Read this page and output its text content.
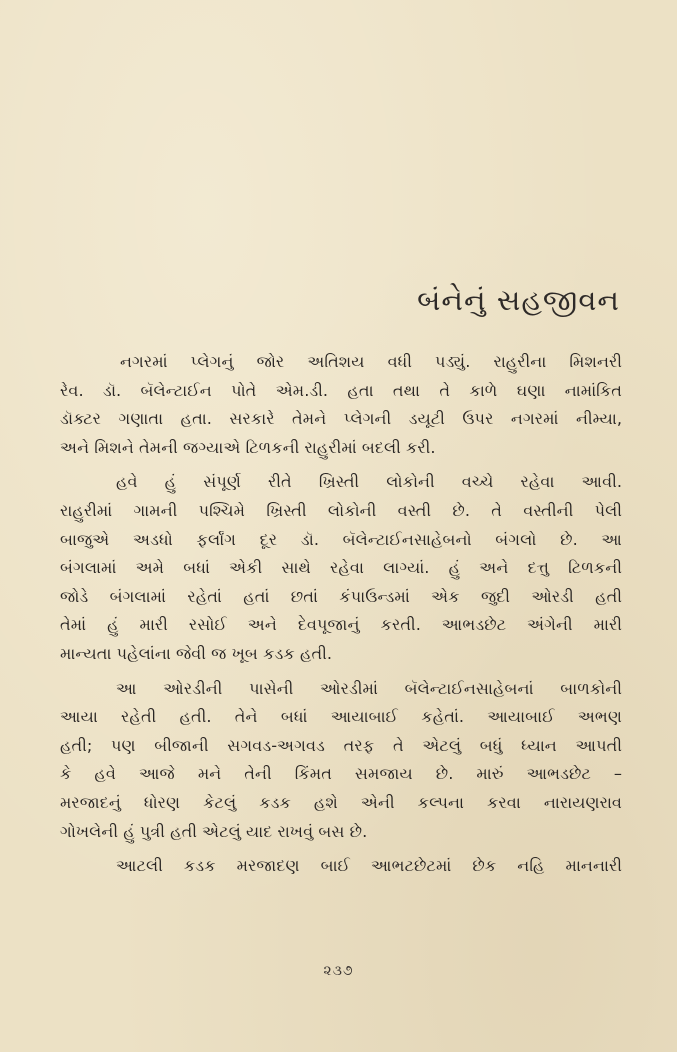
બંનેનું સહજીવન
નગરમાં પ્લેગનું જોર અતિશય વધી પડ્યું. રાહુરીના મિશનરી
રેવ. ડૉ. બૅલેન્ટાઈન પોતે એમ.ડી. હતા તથા તે કાળે ઘણા નામાંકિત
ડૉક્ટર ગણાતા હતા. સરકારે તેમને પ્લેગની ડયૂટી ઉપર નગરમાં નીમ્યા,
અને મિશને તેમની જગ્યાએ ટિળકની રાહુરીમાં બદલી કરી.
હવે હું સંપૂર્ણ રીતે ખ્રિસ્તી લોકોની વચ્ચે રહેવા આવી.
રાહુરીમાં ગામની પશ્ચિમે ખ્રિસ્તી લોકોની વસ્તી છે. તે વસ્તીની પેલી
બાજુએ અડધો ફર્લાંગ દૂર ડૉ. બૅલેન્ટાઈનસાહેબનો બંગલો છે. આ
બંગલામાં અમે બધાં એકી સાથે રહેવા લાગ્યાં. હું અને દત્તુ ટિળકની
જોડે બંગલામાં રહેતાં હતાં છતાં કંપાઉન્ડમાં એક જુદી ઓરડી હતી
તેમાં હું મારી રસોઈ અને દેવપૂજાનું કરતી. આભડછેટ અંગેની મારી
માન્યતા પહેલાંના જેવી જ ખૂબ કડક હતી.
આ ઓરડીની પાસેની ઓરડીમાં બૅલેન્ટાઈનસાહેબનાં બાળકોની
આયા રહેતી હતી. તેને બધાં આયાબાઈ કહેતાં. આયાબાઈ અભણ
હતી; પણ બીજાની સગવડ-અગવડ તરફ તે એટલું બધું ધ્યાન આપતી
કે હવે આજે મને તેની કિંમત સમજાય છે. મારું આભડછેટ –
મરજાદનું ધોરણ કેટલું કડક હશે એની કલ્પના કરવા નારાયણરાવ
ગોખલેની હું પુત્રી હતી એટલું યાદ રાખવું બસ છે.
આટલી કડક મરજાદણ બાઈ આભટછેટમાં છેક નહિ માનનારી
૨૩૭
